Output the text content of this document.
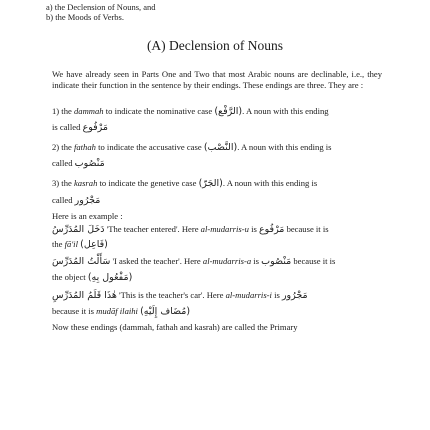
a) the Declension of Nouns, and
b) the Moods of Verbs.
(A) Declension of Nouns
We have already seen in Parts One and Two that most Arabic nouns are declinable, i.e., they indicate their function in the sentence by their endings. These endings are three. They are :
1) the dammah to indicate the nominative case (الرَّفْع). A noun with this ending
is called مَرْفُوع
2) the fathah to indicate the accusative case (النَّصْب). A noun with this ending is
called مَنْصُوب
3) the kasrah to indicate the genetive case (الجَرّ). A noun with this ending is
called مَجْرُور
Here is an example :
دَخَلَ المُدَرِّسُ 'The teacher entered'. Here al-mudarris-u is مَرْفُوع because it is
the fā'il (فَاعِل)
سَأَلْتُ المُدَرِّسَ 'I asked the teacher'. Here al-mudarris-a is مَنْصُوب because it is
the object (مَفْعُول بِهِ)
هٰذَا قَلَمُ المُدَرِّسِ 'This is the teacher's car'. Here al-mudarris-i is مَجْرُور
because it is mudāf ilaihi (مُضَاف إِلَيْهِ)
Now these endings (dammah, fathah and kasrah) are called the Primary
